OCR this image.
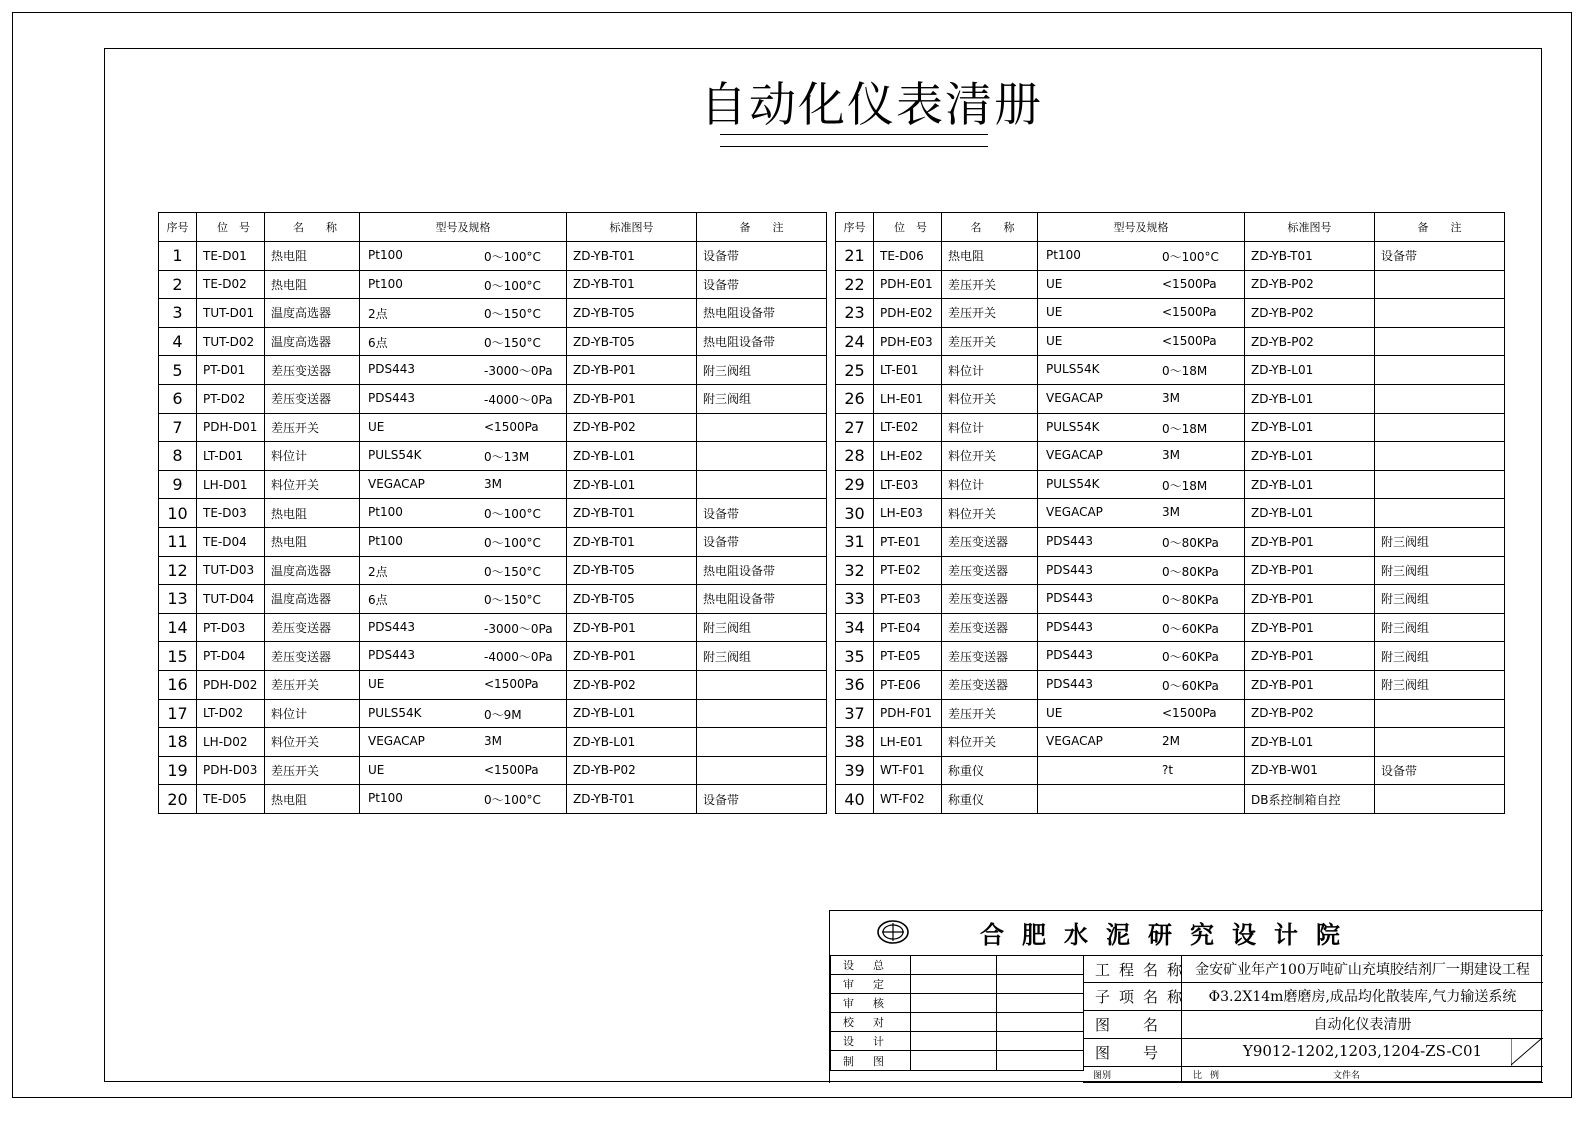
自动化仪表清册
序号	位　号	名　　称	型号及规格	标准图号	备　　注
1	TE-D01	热电阻	Pt100 0～100°C	ZD-YB-T01	设备带
2	TE-D02	热电阻	Pt100 0～100°C	ZD-YB-T01	设备带
3	TUT-D01	温度高选器	2点 0～150°C	ZD-YB-T05	热电阻设备带
4	TUT-D02	温度高选器	6点 0～150°C	ZD-YB-T05	热电阻设备带
5	PT-D01	差压变送器	PDS443 -3000～0Pa	ZD-YB-P01	附三阀组
6	PT-D02	差压变送器	PDS443 -4000～0Pa	ZD-YB-P01	附三阀组
7	PDH-D01	差压开关	UE <1500Pa	ZD-YB-P02	
8	LT-D01	料位计	PULS54K 0～13M	ZD-YB-L01	
9	LH-D01	料位开关	VEGACAP 3M	ZD-YB-L01	
10	TE-D03	热电阻	Pt100 0～100°C	ZD-YB-T01	设备带
11	TE-D04	热电阻	Pt100 0～100°C	ZD-YB-T01	设备带
12	TUT-D03	温度高选器	2点 0～150°C	ZD-YB-T05	热电阻设备带
13	TUT-D04	温度高选器	6点 0～150°C	ZD-YB-T05	热电阻设备带
14	PT-D03	差压变送器	PDS443 -3000～0Pa	ZD-YB-P01	附三阀组
15	PT-D04	差压变送器	PDS443 -4000～0Pa	ZD-YB-P01	附三阀组
16	PDH-D02	差压开关	UE <1500Pa	ZD-YB-P02	
17	LT-D02	料位计	PULS54K 0～9M	ZD-YB-L01	
18	LH-D02	料位开关	VEGACAP 3M	ZD-YB-L01	
19	PDH-D03	差压开关	UE <1500Pa	ZD-YB-P02	
20	TE-D05	热电阻	Pt100 0～100°C	ZD-YB-T01	设备带
序号	位　号	名　　称	型号及规格	标准图号	备　　注
21	TE-D06	热电阻	Pt100 0～100°C	ZD-YB-T01	设备带
22	PDH-E01	差压开关	UE <1500Pa	ZD-YB-P02	
23	PDH-E02	差压开关	UE <1500Pa	ZD-YB-P02	
24	PDH-E03	差压开关	UE <1500Pa	ZD-YB-P02	
25	LT-E01	料位计	PULS54K 0～18M	ZD-YB-L01	
26	LH-E01	料位开关	VEGACAP 3M	ZD-YB-L01	
27	LT-E02	料位计	PULS54K 0～18M	ZD-YB-L01	
28	LH-E02	料位开关	VEGACAP 3M	ZD-YB-L01	
29	LT-E03	料位计	PULS54K 0～18M	ZD-YB-L01	
30	LH-E03	料位开关	VEGACAP 3M	ZD-YB-L01	
31	PT-E01	差压变送器	PDS443 0～80KPa	ZD-YB-P01	附三阀组
32	PT-E02	差压变送器	PDS443 0～80KPa	ZD-YB-P01	附三阀组
33	PT-E03	差压变送器	PDS443 0～80KPa	ZD-YB-P01	附三阀组
34	PT-E04	差压变送器	PDS443 0～60KPa	ZD-YB-P01	附三阀组
35	PT-E05	差压变送器	PDS443 0～60KPa	ZD-YB-P01	附三阀组
36	PT-E06	差压变送器	PDS443 0～60KPa	ZD-YB-P01	附三阀组
37	PDH-F01	差压开关	UE <1500Pa	ZD-YB-P02	
38	LH-E01	料位开关	VEGACAP 2M	ZD-YB-L01	
39	WT-F01	称重仪	?t	ZD-YB-W01	设备带
40	WT-F02	称重仪		DB系控制箱自控	
合肥水泥研究设计院
设　总		
审　定		
审　核		
校　对		
设　计		
制　图		
工程名称 金安矿业年产100万吨矿山充填胶结剂厂一期建设工程
子项名称	Φ3.2X14m磨磨房,成品均化散装库,气力输送系统
图　名	自动化仪表清册
图　号	Y9012-1202,1203,1204-ZS-C01
图别	比例	文件名
